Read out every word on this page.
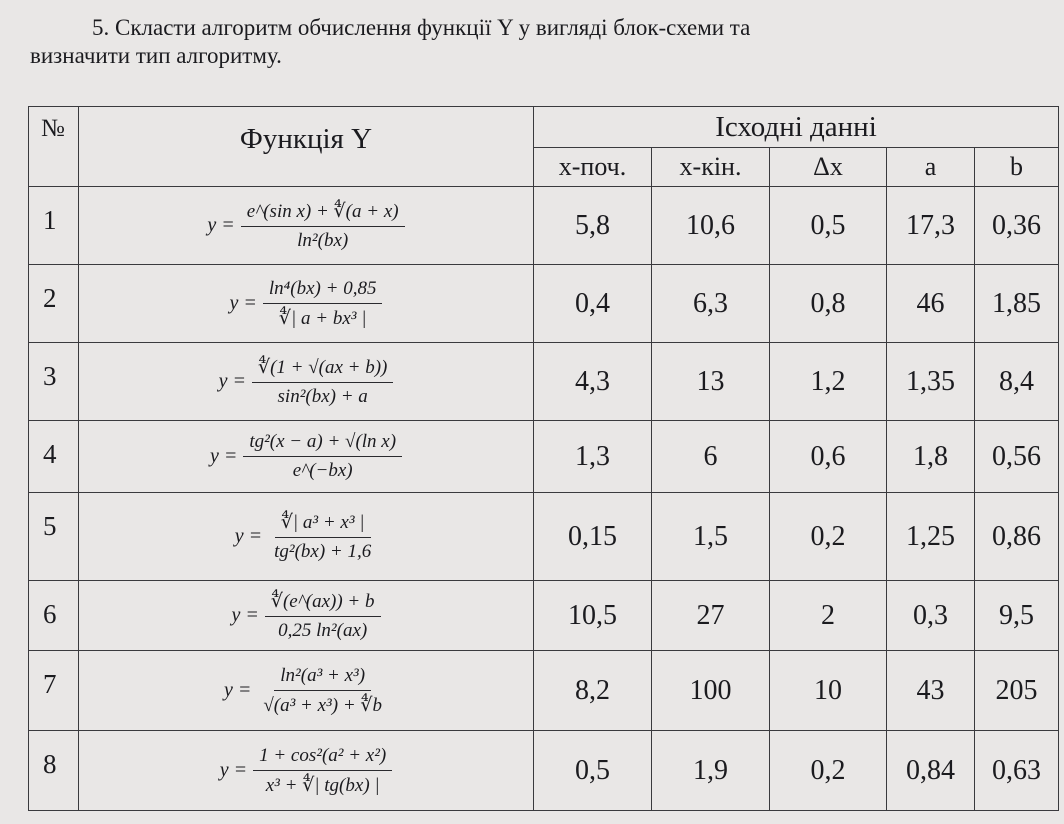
5. Скласти алгоритм обчислення функції Y у вигляді блок-схеми та
визначити тип алгоритму.
№	Функція Y	Ісходні данні				
		х-поч.	х-кін.	Δх	a	b
1	$y = \frac{\text{e\textasciicircum{}(sin x) + ∜(a + x)}}{\text{ln²(bx)}}$	5,8	10,6	0,5	17,3	0,36
2	$y = \frac{\text{ln⁴(bx) + 0,85}}{\text{∜| a + bx³ |}}$	0,4	6,3	0,8	46	1,85
3	$y = \frac{∜(1 + √(ax + b))}{\text{sin²(bx) + a}}$	4,3	13	1,2	1,35	8,4
4	$y = \frac{\text{tg²(x − a) + √(ln x)}}{e\^{}(-bx)}$	1,3	6	0,6	1,8	0,56
5	$y = \frac{\text{∜| a³ + x³ |}}{\text{tg²(bx) + 1,6}}$	0,15	1,5	0,2	1,25	0,86
6	$y = \frac{∜(e\^{}(ax)) + b}{\text{0,25 ln²(ax)}}$	10,5	27	2	0,3	9,5
7	$y = \frac{\text{ln²(a³ + x³)}}{\text{√(a³ + x³) + ∜b}}$	8,2	100	10	43	205
8	$y = \frac{\text{1 + cos²(a² + x²)}}{\text{x³ + ∜| tg(bx) |}}$	0,5	1,9	0,2	0,84	0,63
